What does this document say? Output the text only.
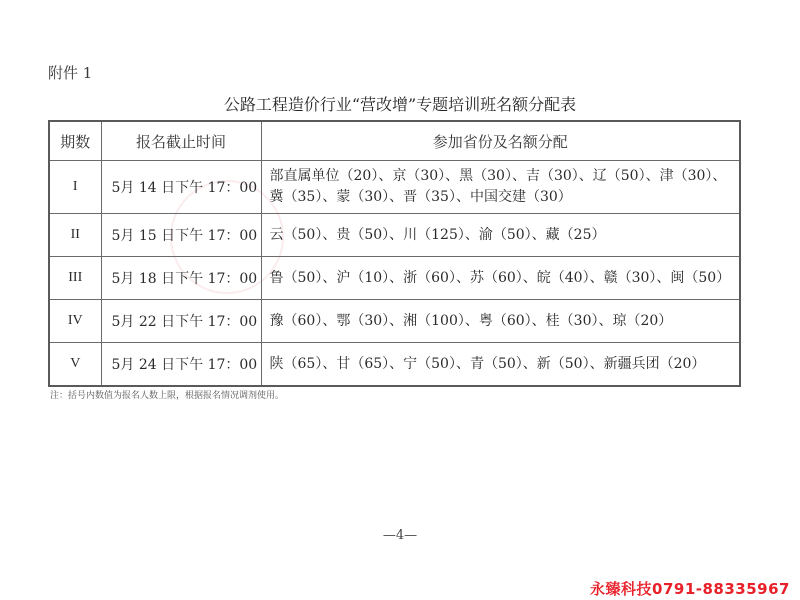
附件 1
公路工程造价行业“营改增”专题培训班名额分配表
期数	报名截止时间	参加省份及名额分配
I	5月 14 日下午 17：00	部直属单位（20）、京（30）、黑（30）、吉（30）、辽（50）、津（30）、冀（35）、蒙（30）、晋（35）、中国交建（30）
II	5月 15 日下午 17：00	云（50）、贵（50）、川（125）、渝（50）、藏（25）
III	5月 18 日下午 17：00	鲁（50）、沪（10）、浙（60）、苏（60）、皖（40）、赣（30）、闽（50）
IV	5月 22 日下午 17：00	豫（60）、鄂（30）、湘（100）、粤（60）、桂（30）、琼（20）
V	5月 24 日下午 17：00	陕（65）、甘（65）、宁（50）、青（50）、新（50）、新疆兵团（20）
注：括号内数值为报名人数上限，根据报名情况调剂使用。
—4—
永臻科技0791-88335967
